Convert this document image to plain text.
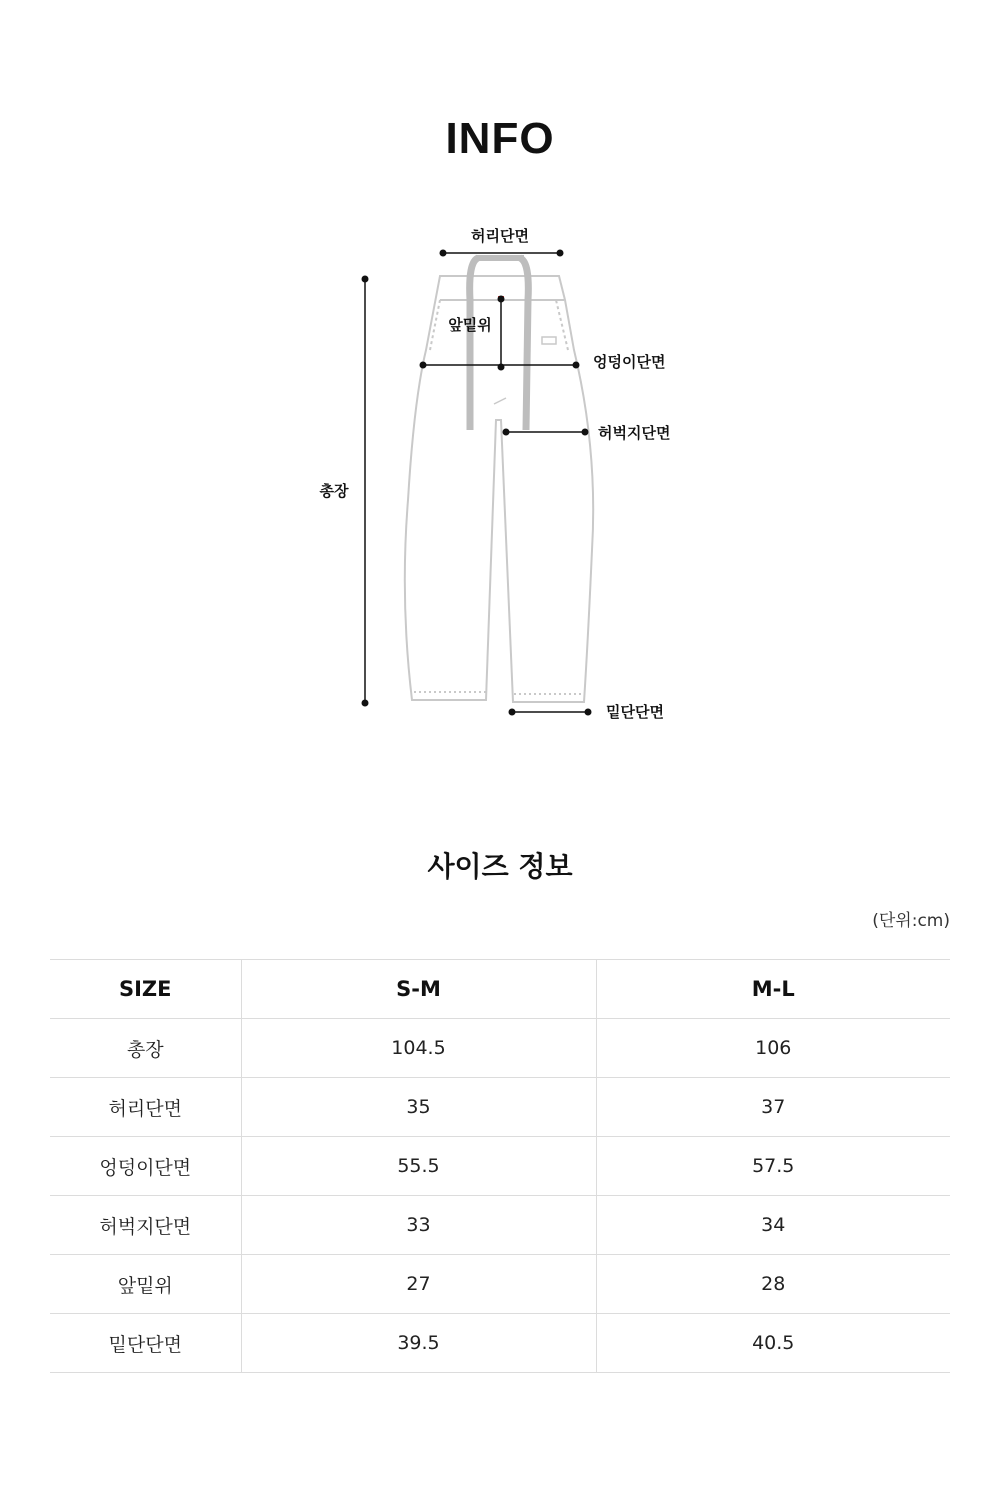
INFO
허리단면
앞밑위
엉덩이단면
허벅지단면
총장
밑단단면
사이즈 정보
(단위:cm)
SIZE	S-M	M-L
총장	104.5	106
허리단면	35	37
엉덩이단면	55.5	57.5
허벅지단면	33	34
앞밑위	27	28
밑단단면	39.5	40.5
